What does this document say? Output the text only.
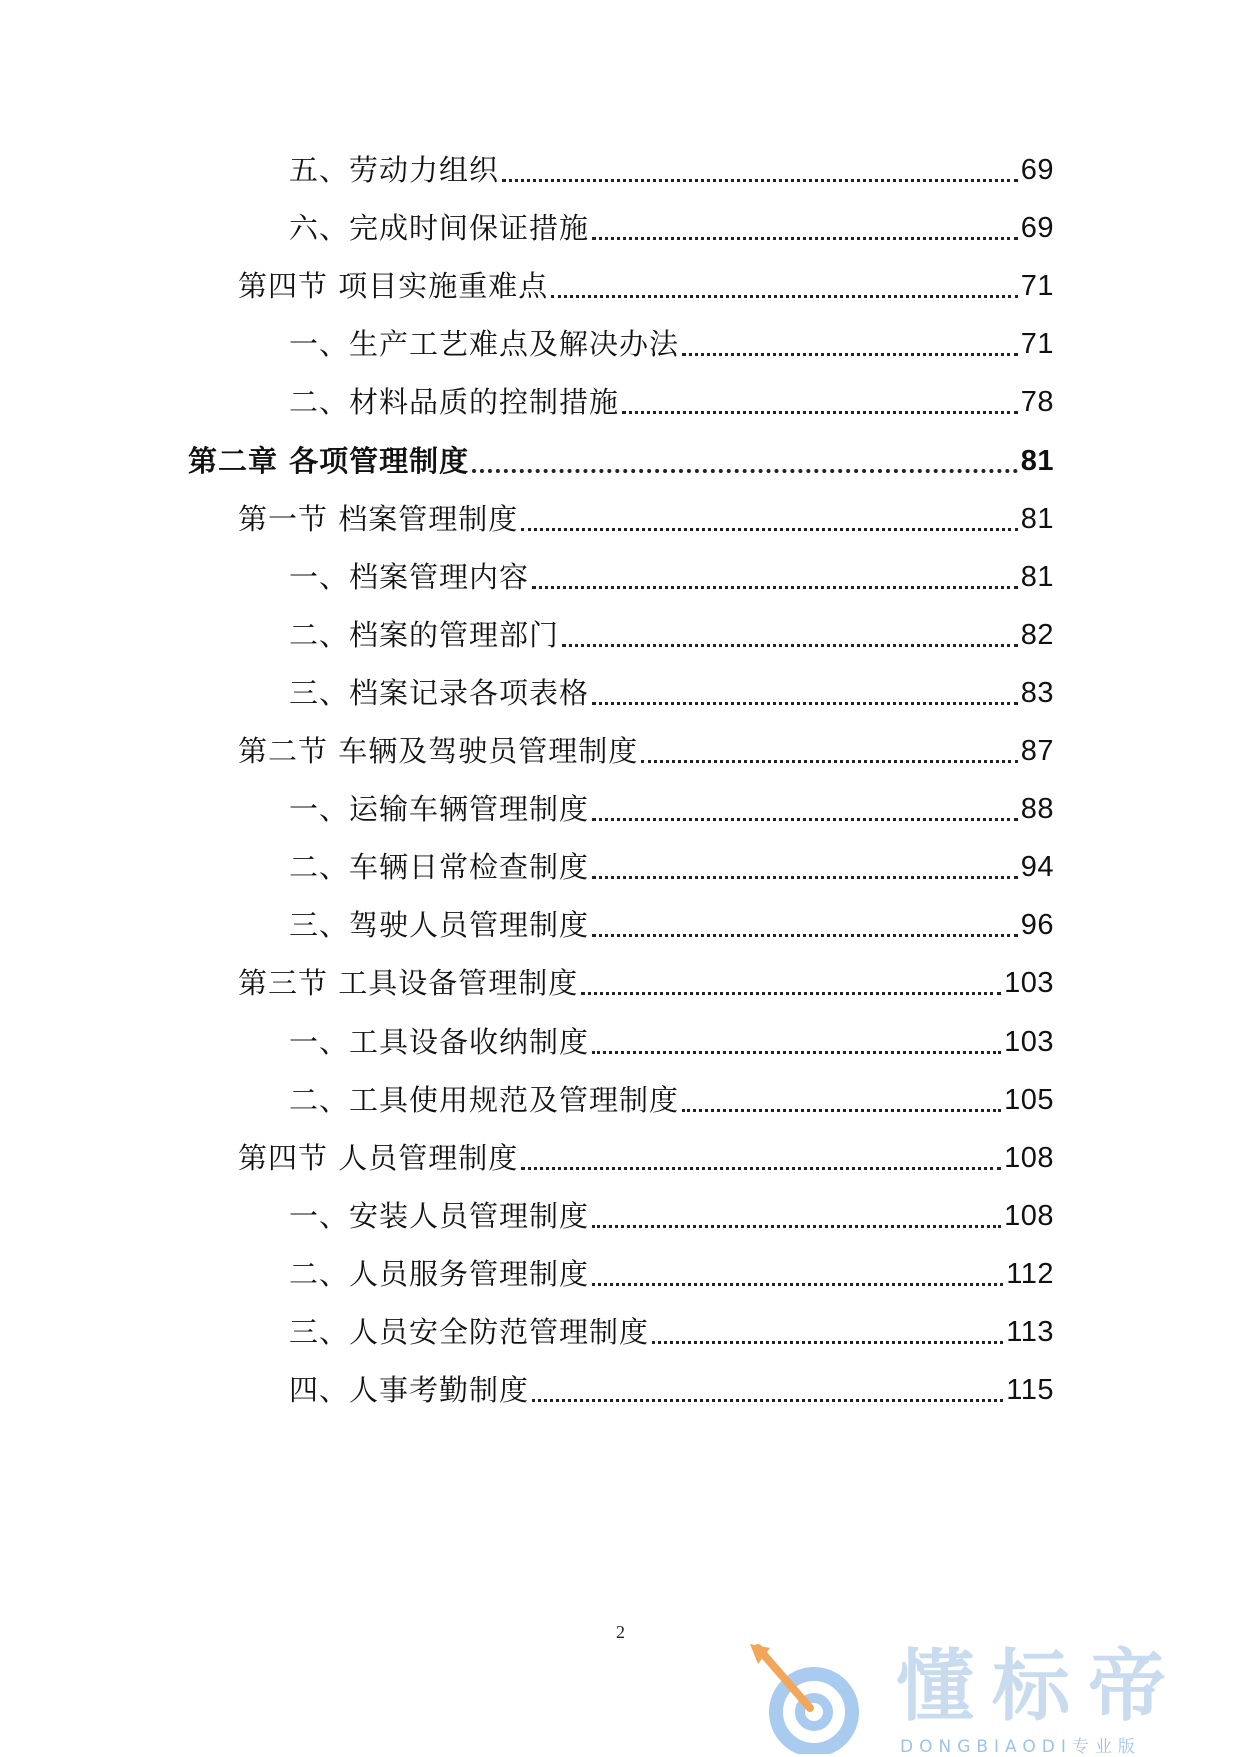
五、劳动力组织	69
六、完成时间保证措施	69
第四节 项目实施重难点	71
一、生产工艺难点及解决办法	71
二、材料品质的控制措施	78
第二章 各项管理制度	81
第一节 档案管理制度	81
一、档案管理内容	81
二、档案的管理部门	82
三、档案记录各项表格	83
第二节 车辆及驾驶员管理制度	87
一、运输车辆管理制度	88
二、车辆日常检查制度	94
三、驾驶人员管理制度	96
第三节 工具设备管理制度	103
一、工具设备收纳制度	103
二、工具使用规范及管理制度	105
第四节 人员管理制度	108
一、安装人员管理制度	108
二、人员服务管理制度	112
三、人员安全防范管理制度	113
四、人事考勤制度	115
2
懂标帝
DONGBIAODI专业版
